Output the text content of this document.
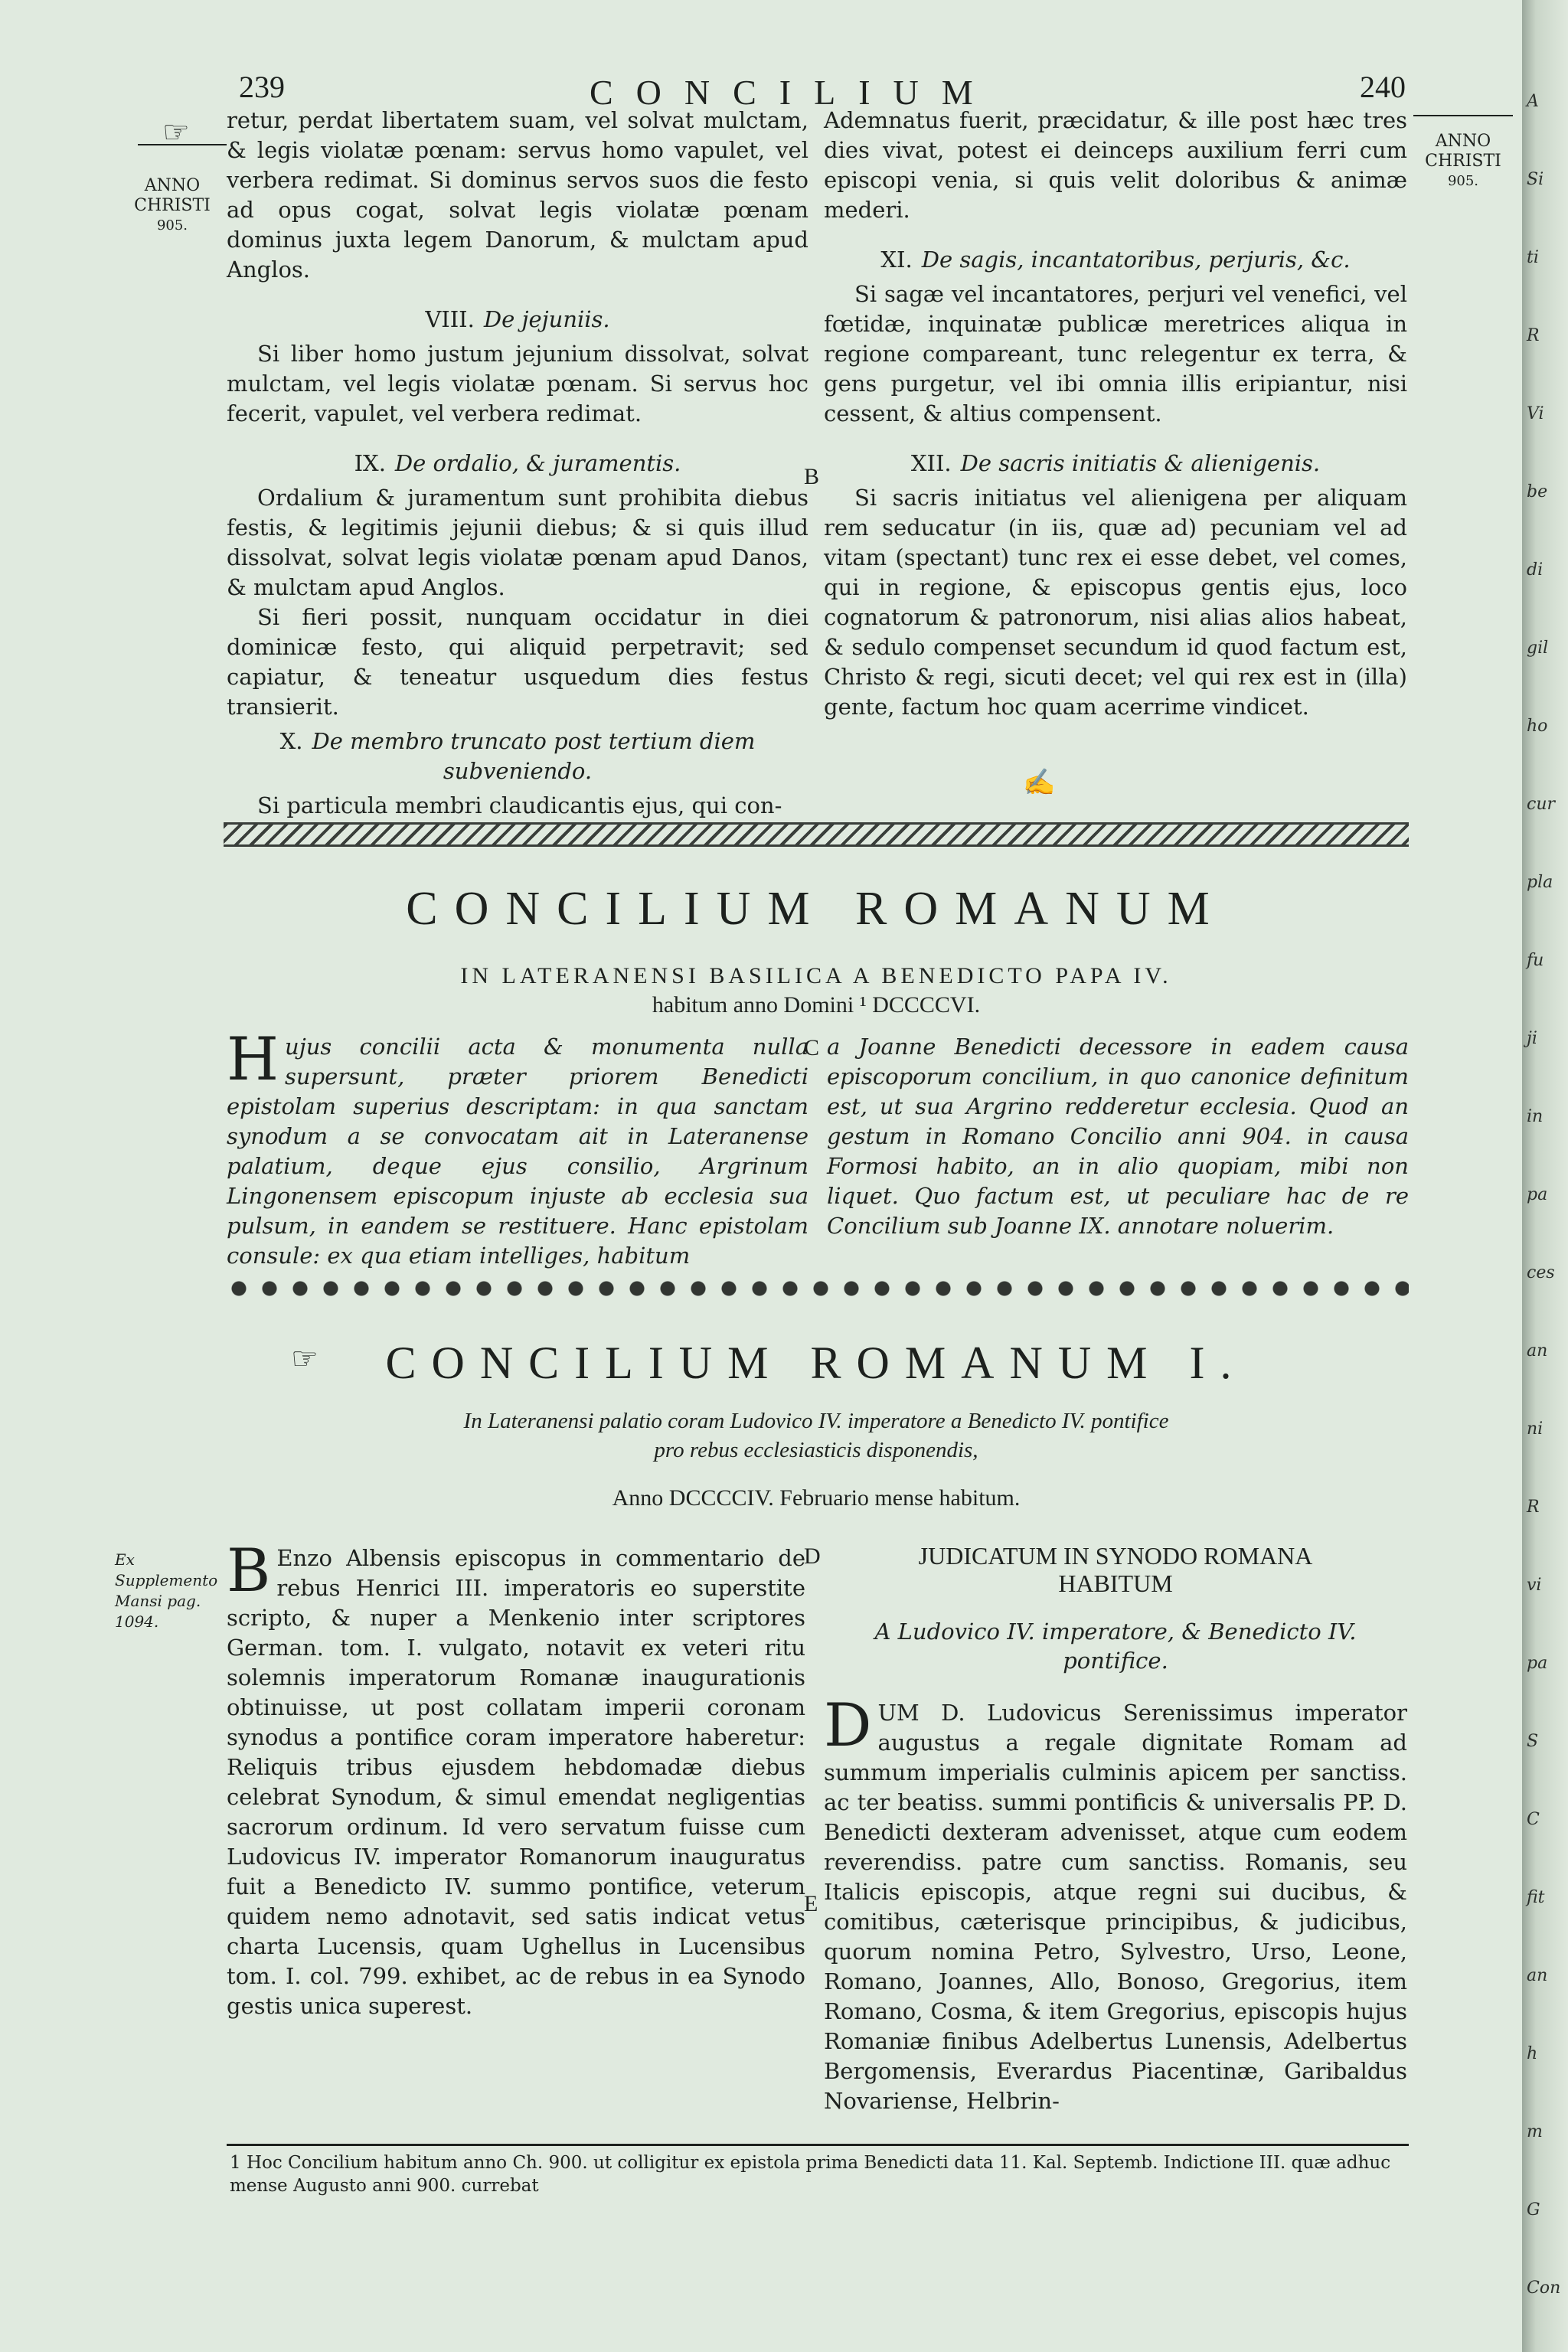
239	CONCILIUM	240
☞
ANNO
CHRISTI
905.
ANNO
CHRISTI
905.

retur, perdat libertatem suam, vel solvat mulctam, & legis violatæ pœnam: servus homo vapulet, vel verbera redimat. Si dominus servos suos die festo ad opus cogat, solvat legis violatæ pœnam dominus juxta legem Danorum, & mulctam apud Anglos.

VIII. De jejuniis.

Si liber homo justum jejunium dissolvat, solvat mulctam, vel legis violatæ pœnam. Si servus hoc fecerit, vapulet, vel verbera redimat.

IX. De ordalio, & juramentis.

Ordalium & juramentum sunt prohibita diebus festis, & legitimis jejunii diebus; & si quis illud dissolvat, solvat legis violatæ pœnam apud Danos, & mulctam apud Anglos.

Si fieri possit, nunquam occidatur in diei dominicæ festo, qui aliquid perpetravit; sed capiatur, & teneatur usquedum dies festus transierit.

X. De membro truncato post tertium diem subveniendo.

Si particula membri claudicantis ejus, qui con-

Ademnatus fuerit, præcidatur, & ille post hæc tres dies vivat, potest ei deinceps auxilium ferri cum episcopi venia, si quis velit doloribus & animæ mederi.

XI. De sagis, incantatoribus, perjuris, &c.

Si sagæ vel incantatores, perjuri vel venefici, vel fœtidæ, inquinatæ publicæ meretrices aliqua in regione compareant, tunc relegentur ex terra, & gens purgetur, vel ibi omnia illis eripiantur, nisi cessent, & altius compensent.

XII. De sacris initiatis & alienigenis.

Si sacris initiatus vel alienigena per aliquam rem seducatur (in iis, quæ ad) pecuniam vel ad vitam (spectant) tunc rex ei esse debet, vel comes, qui in regione, & episcopus gentis ejus, loco cognatorum & patronorum, nisi alias alios habeat, & sedulo compenset secundum id quod factum est, Christo & regi, sicuti decet; vel qui rex est in (illa) gente, factum hoc quam acerrime vindicet.

B
✍
CONCILIUM ROMANUM
IN LATERANENSI BASILICA A BENEDICTO PAPA IV.
habitum anno Domini ¹ DCCCCVI.
Hujus concilii acta & monumenta nulla supersunt, præter priorem Benedicti epistolam superius descriptam: in qua sanctam synodum a se convocatam ait in Lateranense palatium, deque ejus consilio, Argrinum Lingonensem episcopum injuste ab ecclesia sua pulsum, in eandem se restituere. Hanc epistolam consule: ex qua etiam intelliges, habitum
a Joanne Benedicti decessore in eadem causa episcoporum concilium, in quo canonice definitum est, ut sua Argrino redderetur ecclesia. Quod an gestum in Romano Concilio anni 904. in causa Formosi habito, an in alio quopiam, mibi non liquet. Quo factum est, ut peculiare hac de re Concilium sub Joanne IX. annotare noluerim.
C
☞	CONCILIUM ROMANUM I.
In Lateranensi palatio coram Ludovico IV. imperatore a Benedicto IV. pontifice
pro rebus ecclesiasticis disponendis,
Anno DCCCCIV. Februario mense habitum.
Ex Supplemento Mansi pag. 1094.
B Enzo Albensis episcopus in commentario de rebus Henrici III. imperatoris eo superstite scripto, & nuper a Menkenio inter scriptores German. tom. I. vulgato, notavit ex veteri ritu solemnis imperatorum Romanæ inaugurationis obtinuisse, ut post collatam imperii coronam synodus a pontifice coram imperatore haberetur: Reliquis tribus ejusdem hebdomadæ diebus celebrat Synodum, & simul emendat negligentias sacrorum ordinum. Id vero servatum fuisse cum Ludovicus IV. imperator Romanorum inauguratus fuit a Benedicto IV. summo pontifice, veterum quidem nemo adnotavit, sed satis indicat vetus charta Lucensis, quam Ughellus in Lucensibus tom. I. col. 799. exhibet, ac de rebus in ea Synodo gestis unica superest.
D
E
JUDICATUM IN SYNODO ROMANA
HABITUM
A Ludovico IV. imperatore, & Benedicto IV.
pontifice.
D UM D. Ludovicus Serenissimus imperator augustus a regale dignitate Romam ad summum imperialis culminis apicem per sanctiss. ac ter beatiss. summi pontificis & universalis PP. D. Benedicti dexteram advenisset, atque cum eodem reverendiss. patre cum sanctiss. Romanis, seu Italicis episcopis, atque regni sui ducibus, & comitibus, cæterisque principibus, & judicibus, quorum nomina Petro, Sylvestro, Urso, Leone, Romano, Joannes, Allo, Bonoso, Gregorius, item Romano, Cosma, & item Gregorius, episcopis hujus Romaniæ finibus Adelbertus Lunensis, Adelbertus Bergomensis, Everardus Piacentinæ, Garibaldus Novariense, Helbrin-
1 Hoc Concilium habitum anno Ch. 900. ut colligitur ex epistola prima Benedicti data 11. Kal. Septemb. Indictione III. quæ adhuc mense Augusto anni 900. currebat
A
Si
ti
R
Vi
be
di
gil
ho
cur
pla
fu
ji
in
pa
ces
an
ni
R
vi
pa
S
C
fit
an
h
m
G
Con
